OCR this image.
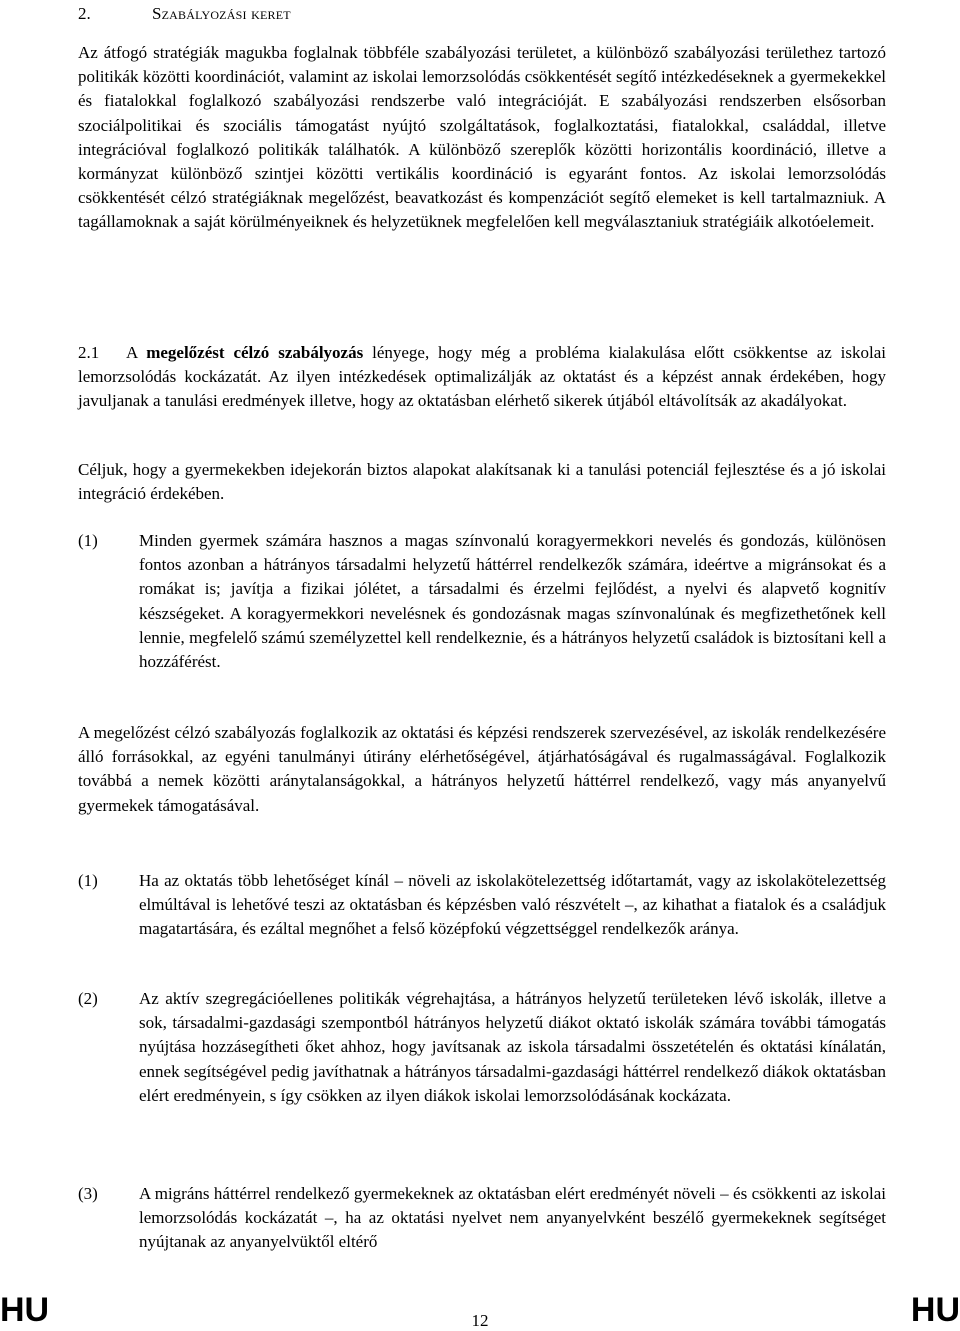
2.	Szabályozási keret
Az átfogó stratégiák magukba foglalnak többféle szabályozási területet, a különböző szabályozási területhez tartozó politikák közötti koordinációt, valamint az iskolai lemorzsolódás csökkentését segítő intézkedéseknek a gyermekekkel és fiatalokkal foglalkozó szabályozási rendszerbe való integrációját. E szabályozási rendszerben elsősorban szociálpolitikai és szociális támogatást nyújtó szolgáltatások, foglalkoztatási, fiatalokkal, családdal, illetve integrációval foglalkozó politikák találhatók. A különböző szereplők közötti horizontális koordináció, illetve a kormányzat különböző szintjei közötti vertikális koordináció is egyaránt fontos. Az iskolai lemorzsolódás csökkentését célzó stratégiáknak megelőzést, beavatkozást és kompenzációt segítő elemeket is kell tartalmazniuk. A tagállamoknak a saját körülményeiknek és helyzetüknek megfelelően kell megválasztaniuk stratégiáik alkotóelemeit.
2.1 A megelőzést célzó szabályozás lényege, hogy még a probléma kialakulása előtt csökkentse az iskolai lemorzsolódás kockázatát. Az ilyen intézkedések optimalizálják az oktatást és a képzést annak érdekében, hogy javuljanak a tanulási eredmények illetve, hogy az oktatásban elérhető sikerek útjából eltávolítsák az akadályokat.
Céljuk, hogy a gyermekekben idejekorán biztos alapokat alakítsanak ki a tanulási potenciál fejlesztése és a jó iskolai integráció érdekében.
(1) Minden gyermek számára hasznos a magas színvonalú koragyermekkori nevelés és gondozás, különösen fontos azonban a hátrányos társadalmi helyzetű háttérrel rendelkezők számára, ideértve a migránsokat és a romákat is; javítja a fizikai jólétet, a társadalmi és érzelmi fejlődést, a nyelvi és alapvető kognitív készségeket. A koragyermekkori nevelésnek és gondozásnak magas színvonalúnak és megfizethetőnek kell lennie, megfelelő számú személyzettel kell rendelkeznie, és a hátrányos helyzetű családok is biztosítani kell a hozzáférést.
A megelőzést célzó szabályozás foglalkozik az oktatási és képzési rendszerek szervezésével, az iskolák rendelkezésére álló forrásokkal, az egyéni tanulmányi útirány elérhetőségével, átjárhatóságával és rugalmasságával. Foglalkozik továbbá a nemek közötti aránytalanságokkal, a hátrányos helyzetű háttérrel rendelkező, vagy más anyanyelvű gyermekek támogatásával.
(1) Ha az oktatás több lehetőséget kínál – növeli az iskolakötelezettség időtartamát, vagy az iskolakötelezettség elmúltával is lehetővé teszi az oktatásban és képzésben való részvételt –, az kihathat a fiatalok és a családjuk magatartására, és ezáltal megnőhet a felső középfokú végzettséggel rendelkezők aránya.
(2) Az aktív szegregációellenes politikák végrehajtása, a hátrányos helyzetű területeken lévő iskolák, illetve a sok, társadalmi-gazdasági szempontból hátrányos helyzetű diákot oktató iskolák számára további támogatás nyújtása hozzásegítheti őket ahhoz, hogy javítsanak az iskola társadalmi összetételén és oktatási kínálatán, ennek segítségével pedig javíthatnak a hátrányos társadalmi-gazdasági háttérrel rendelkező diákok oktatásban elért eredményein, s így csökken az ilyen diákok iskolai lemorzsolódásának kockázata.
(3) A migráns háttérrel rendelkező gyermekeknek az oktatásban elért eredményét növeli – és csökkenti az iskolai lemorzsolódás kockázatát –, ha az oktatási nyelvet nem anyanyelvként beszélő gyermekeknek segítséget nyújtanak az anyanyelvüktől eltérő
HU	12	HU
